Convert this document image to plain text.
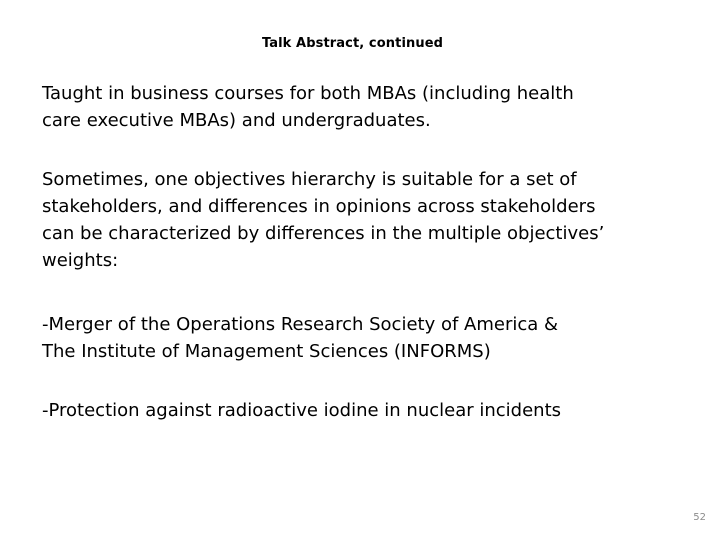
Talk Abstract, continued
Taught in business courses for both MBAs (including health
care executive MBAs) and undergraduates.
Sometimes, one objectives hierarchy is suitable for a set of
stakeholders, and differences in opinions across stakeholders
can be characterized by differences in the multiple objectives’
weights:
-Merger of the Operations Research Society of America &
The Institute of Management Sciences (INFORMS)
-Protection against radioactive iodine in nuclear incidents
52
